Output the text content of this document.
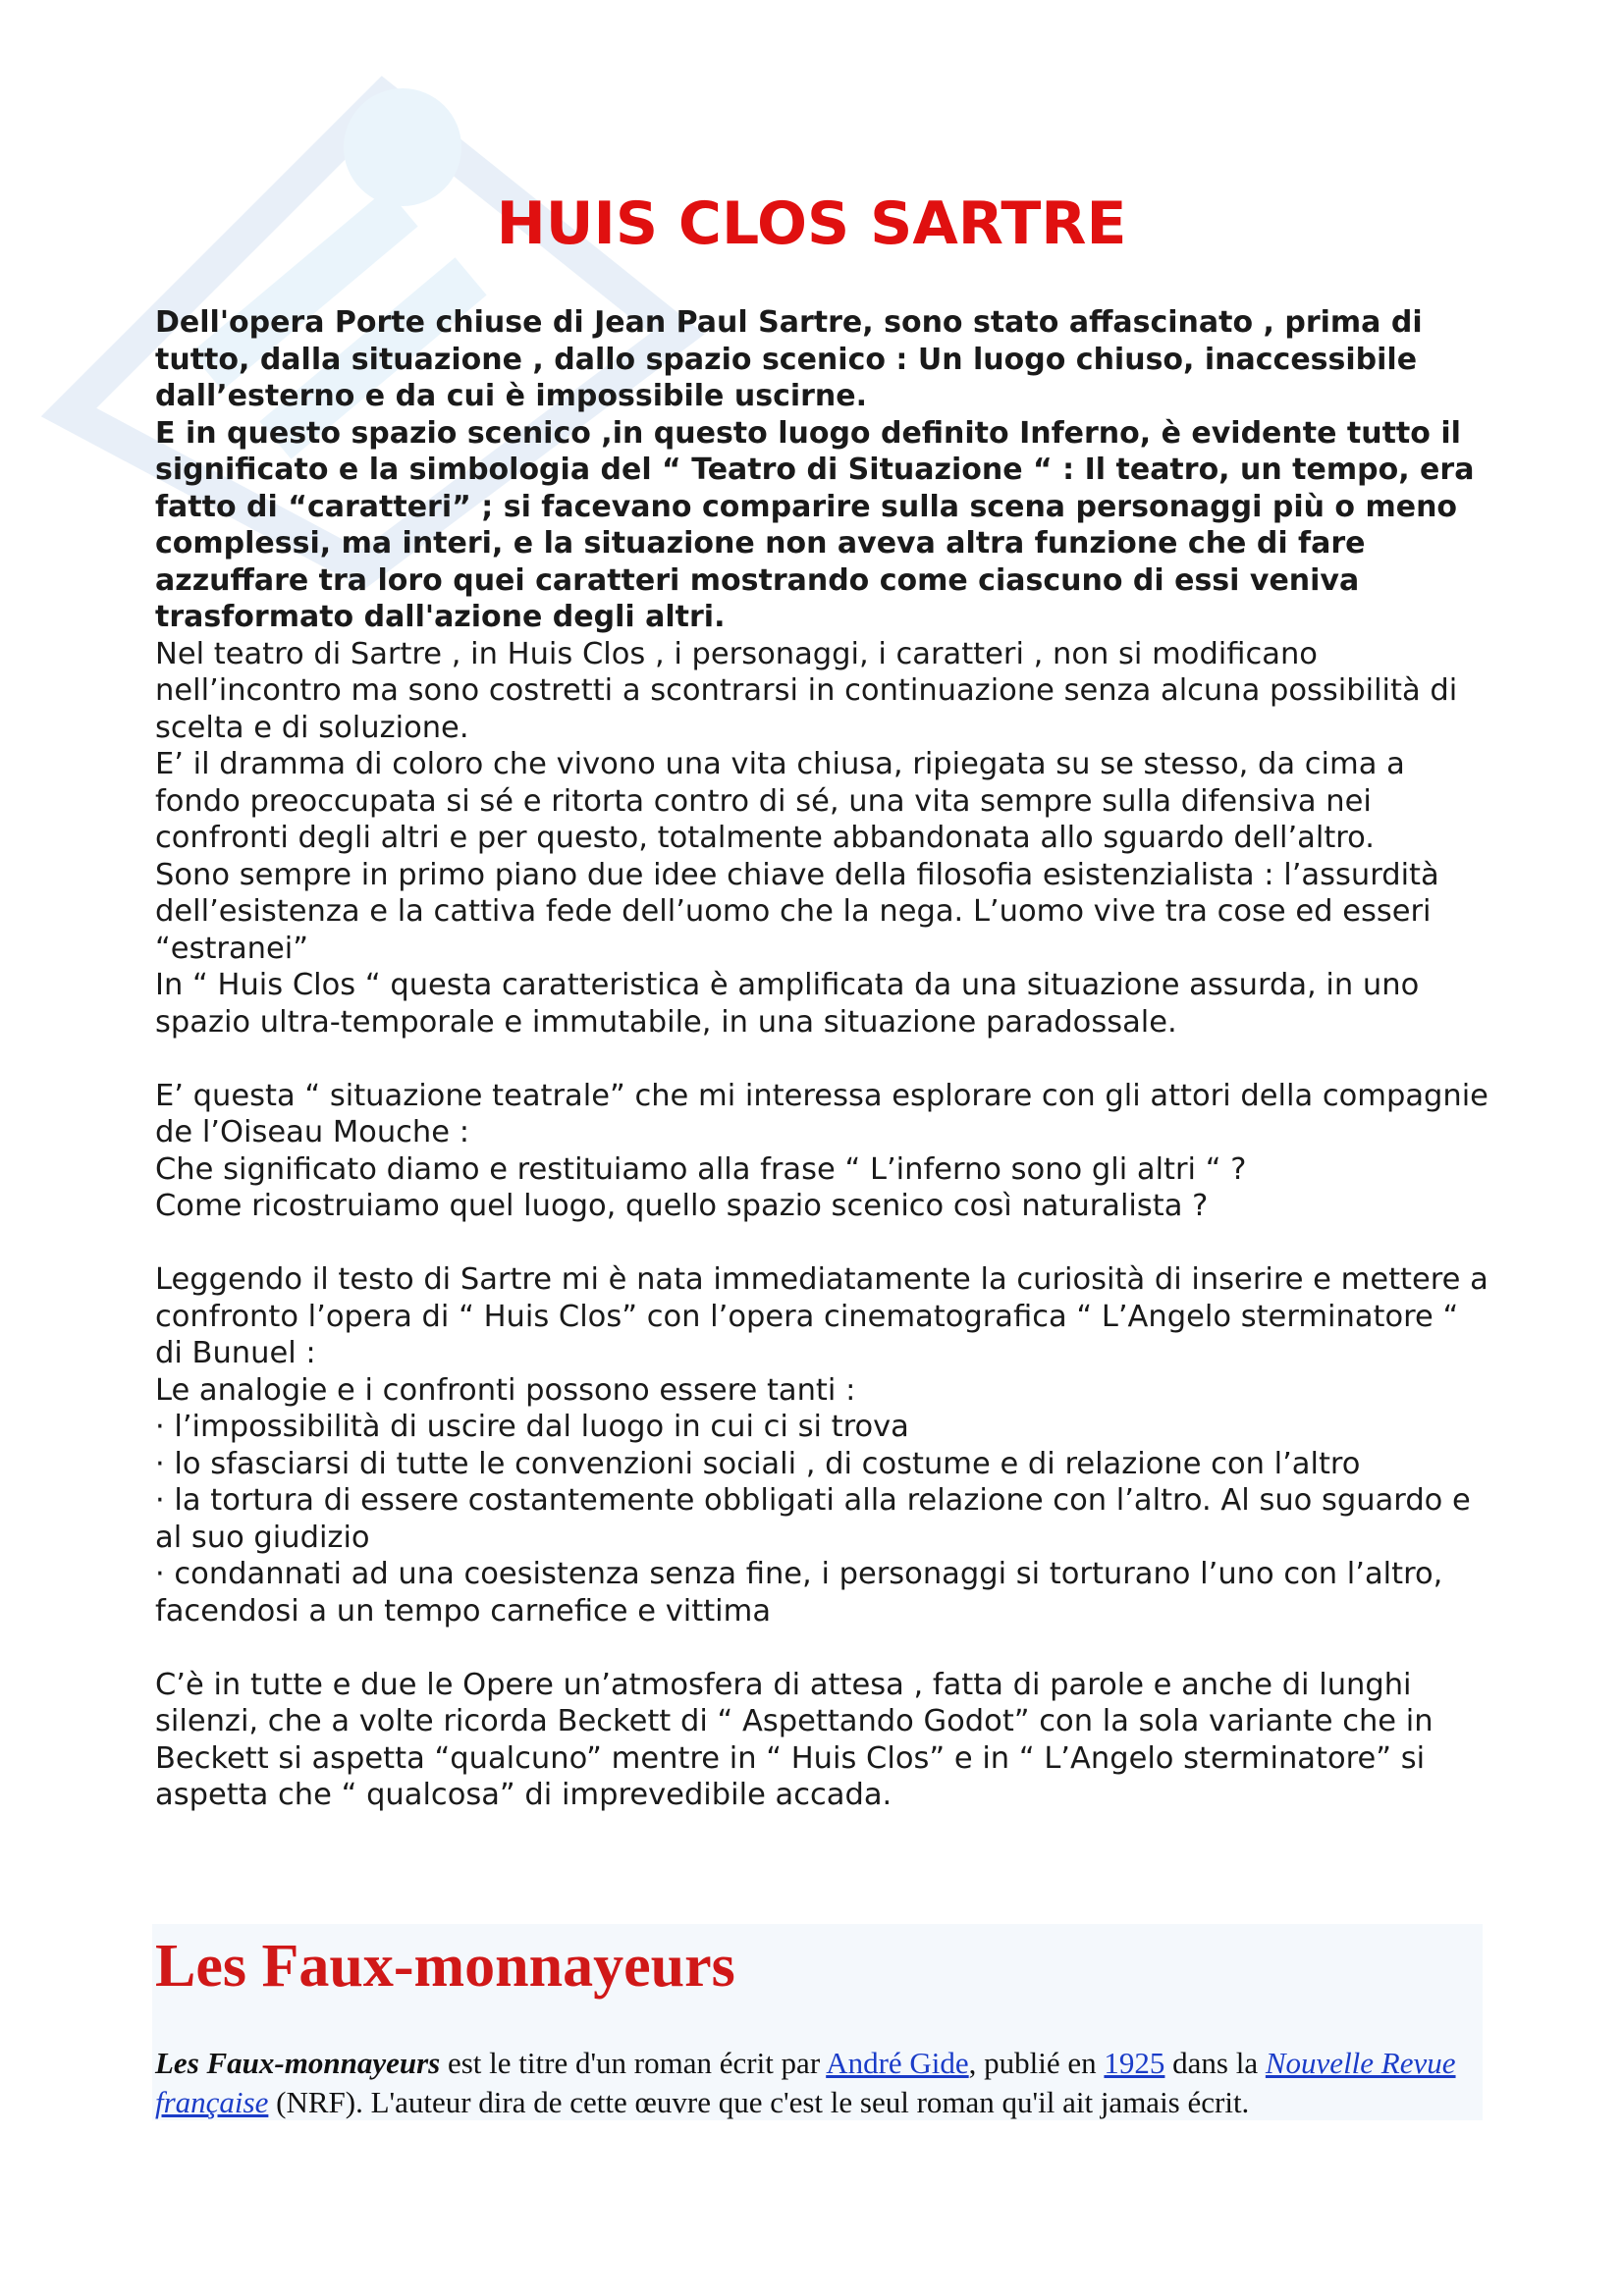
HUIS CLOS SARTRE

Dell'opera Porte chiuse di Jean Paul Sartre, sono stato affascinato , prima di tutto, dalla situazione , dallo spazio scenico : Un luogo chiuso, inaccessibile dall’esterno e da cui è impossibile uscirne.

E in questo spazio scenico ,in questo luogo definito Inferno, è evidente tutto il significato e la simbologia del “ Teatro di Situazione “ : Il teatro, un tempo, era fatto di “caratteri” ; si facevano comparire sulla scena personaggi più o meno complessi, ma interi, e la situazione non aveva altra funzione che di fare azzuffare tra loro quei caratteri mostrando come ciascuno di essi veniva trasformato dall'azione degli altri.

Nel teatro di Sartre , in Huis Clos , i personaggi, i caratteri , non si modificano nell’incontro ma sono costretti a scontrarsi in continuazione senza alcuna possibilità di scelta e di soluzione.

E’ il dramma di coloro che vivono una vita chiusa, ripiegata su se stesso, da cima a fondo preoccupata si sé e ritorta contro di sé, una vita sempre sulla difensiva nei confronti degli altri e per questo, totalmente abbandonata allo sguardo dell’altro.

Sono sempre in primo piano due idee chiave della filosofia esistenzialista : l’assurdità dell’esistenza e la cattiva fede dell’uomo che la nega. L’uomo vive tra cose ed esseri “estranei”

In “ Huis Clos “ questa caratteristica è amplificata da una situazione assurda, in uno spazio ultra-temporale e immutabile, in una situazione paradossale.

E’ questa “ situazione teatrale” che mi interessa esplorare con gli attori della compagnie de l’Oiseau Mouche :

Che significato diamo e restituiamo alla frase “ L’inferno sono gli altri “ ?

Come ricostruiamo quel luogo, quello spazio scenico così naturalista ?

Leggendo il testo di Sartre mi è nata immediatamente la curiosità di inserire e mettere a confronto l’opera di “ Huis Clos” con l’opera cinematografica “ L’Angelo sterminatore “ di Bunuel :

Le analogie e i confronti possono essere tanti :

· l’impossibilità di uscire dal luogo in cui ci si trova

· lo sfasciarsi di tutte le convenzioni sociali , di costume e di relazione con l’altro

· la tortura di essere costantemente obbligati alla relazione con l’altro. Al suo sguardo e al suo giudizio

· condannati ad una coesistenza senza fine, i personaggi si torturano l’uno con l’altro, facendosi a un tempo carnefice e vittima

C’è in tutte e due le Opere un’atmosfera di attesa , fatta di parole e anche di lunghi silenzi, che a volte ricorda Beckett di “ Aspettando Godot” con la sola variante che in Beckett si aspetta “qualcuno” mentre in “ Huis Clos” e in “ L’Angelo sterminatore” si aspetta che “ qualcosa” di imprevedibile accada.

Les Faux-monnayeurs

Les Faux-monnayeurs est le titre d'un roman écrit par André Gide, publié en 1925 dans la Nouvelle Revue française (NRF). L'auteur dira de cette œuvre que c'est le seul roman qu'il ait jamais écrit.
